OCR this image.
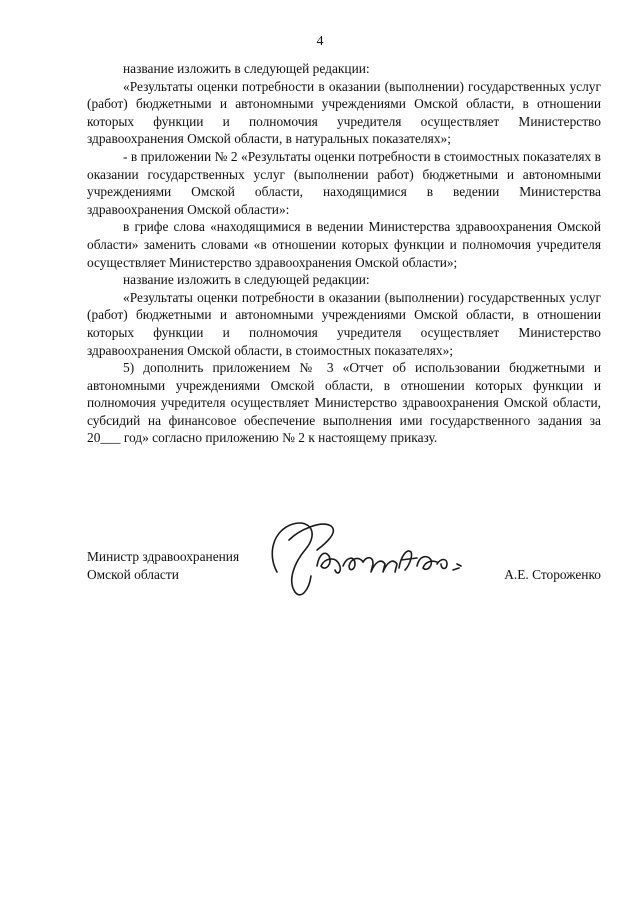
4

название изложить в следующей редакции:

«Результаты оценки потребности в оказании (выполнении) государственных услуг (работ) бюджетными и автономными учреждениями Омской области, в отношении которых функции и полномочия учредителя осуществляет Министерство здравоохранения Омской области, в натуральных показателях»;

- в приложении № 2 «Результаты оценки потребности в стоимостных показателях в оказании государственных услуг (выполнении работ) бюджетными и автономными учреждениями Омской области, находящимися в ведении Министерства здравоохранения Омской области»:

в грифе слова «находящимися в ведении Министерства здравоохранения Омской области» заменить словами «в отношении которых функции и полномочия учредителя осуществляет Министерство здравоохранения Омской области»;

название изложить в следующей редакции:

«Результаты оценки потребности в оказании (выполнении) государственных услуг (работ) бюджетными и автономными учреждениями Омской области, в отношении которых функции и полномочия учредителя осуществляет Министерство здравоохранения Омской области, в стоимостных показателях»;

5) дополнить приложением № 3 «Отчет об использовании бюджетными и автономными учреждениями Омской области, в отношении которых функции и полномочия учредителя осуществляет Министерство здравоохранения Омской области, субсидий на финансовое обеспечение выполнения ими государственного задания за 20___ год» согласно приложению № 2 к настоящему приказу.

Министр здравоохранения
Омской области	А.Е. Стороженко
